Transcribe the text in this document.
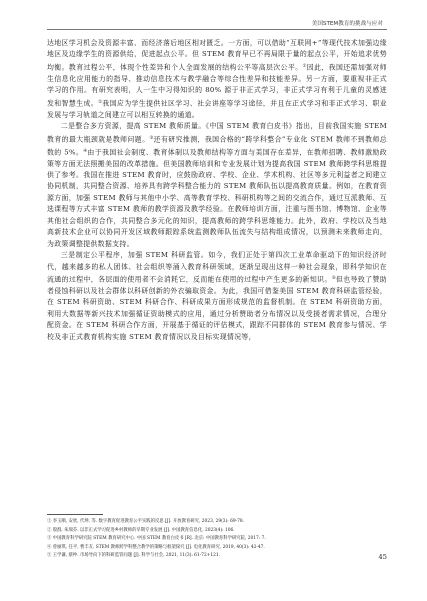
美国STEM教育的挑战与应对

达地区学习机会及资源丰富、而经济落后地区相对匮乏。一方面，可以借助“互联网+”等现代技术加强边缘地区及边缘学生的资源供给，促进起点公平。但 STEM 教育早已不再局限于量的起点公平，开始追求优势均衡。教育过程公平，体现个性差异和个人全面发展的结构公平等高层次公平。①因此，我国还需加强对师生信息化应用能力的指导、推动信息技术与教学融合等综合性差异和技能差异。另一方面，要重视非正式学习的作用。有研究表明，人一生中习得知识的 80% 源于非正式学习，非正式学习有利于儿童的灵感迸发和智慧生成。②我国应为学生提供社区学习、社会讲座等学习途径，并且在正式学习和非正式学习、职业发展与学习轨道之间建立可以相互转换的通道。

二是整合多方资源，提高 STEM 教师质量。《中国 STEM 教育白皮书》指出，目前我国实施 STEM 教育的最大瓶颈就是教师问题。③还有研究推测，我国合格的“跨学科整合”专业化 STEM 教师不到教师总数的 5%。④由于我国社会制度、教育体制以及教师结构等方面与美国存在差异，在教师招聘、教师激励政策等方面无法照搬美国的改革措施。但美国教师培训和专业发展计划为提高我国 STEM 教师跨学科思维提供了参考。我国在推进 STEM 教育时，应鼓励政府、学校、企业、学术机构、社区等多元利益者之间建立协同机制，共同整合资源、培养具有跨学科整合能力的 STEM 教师队伍以提高教育质量。例如，在教育资源方面，加强 STEM 教师与其他中小学、高等教育学校、科研机构等之间的交流合作，通过互派教师、互选课程等方式丰富 STEM 教师的教学资源及教学经验。在教师培训方面，注重与图书馆、博物馆、企业等其他社会组织的合作，共同整合多元化的知识，提高教师的跨学科思维能力。此外，政府、学校以及当地高新技术企业可以协同开发区域教师跟踪系统监测教师队伍流失与结构组成情况，以预测未来教师走向，为政策调整提供数据支持。

三是制定公平程序，加强 STEM 科研监管。如今，我们正处于第四次工业革命驱动下的知识经济时代，越来越多的私人团体、社会组织等涌入教育科研领域，逐渐呈现出这样一种社会现象，即科学知识在流通的过程中，各层面的使用者不会消耗它，反而能在使用的过程中产生更多的新知识。⑤但也导致了赞助者侵蚀科研以及社会群体以科研创新的外衣骗取资金。为此，我国可借鉴美国 STEM 教育科研监管经验，在 STEM 科研资助、STEM 科研合作、科研成果方面形成规范的监督机制。在 STEM 科研资助方面，利用大数据等新兴技术加强循证资助模式的应用，通过分析赞助者分布情况以及受援者需求情况，合理分配资金。在 STEM 科研合作方面，开展基于循证的评估模式，跟踪不同群体的 STEM 教育参与情况、学校及非正式教育机构实施 STEM 教育情况以及目标实现情况等，

① 李玉顺, 安欣, 代坤, 等. 数字教育促进教育公平实践的反思 [J]. 开放教育研究, 2023, 29(3): 69-78.
② 殷群, 朱瑞芬. 以非正式学习促进乡村教师的早期专业发展 [J]. 中国教育信息化, 2023(4): 106.
③ 中国教育科学研究院 STEM 教育研究中心. 中国 STEM 教育白皮书 [R]. 北京: 中国教育科学研究院, 2017: 7.
④ 曾丽琪, 任平, 曹丰友. STEM 教师跨学科整合教学的策略与框架探究 [J]. 电化教育研究, 2019, 40(3): 42-47.
⑤ 王学谦, 蔡仲. 市场导向下的科研监管问题 [J]. 科学与社会, 2021, 11(3): 61-72+121.	45
